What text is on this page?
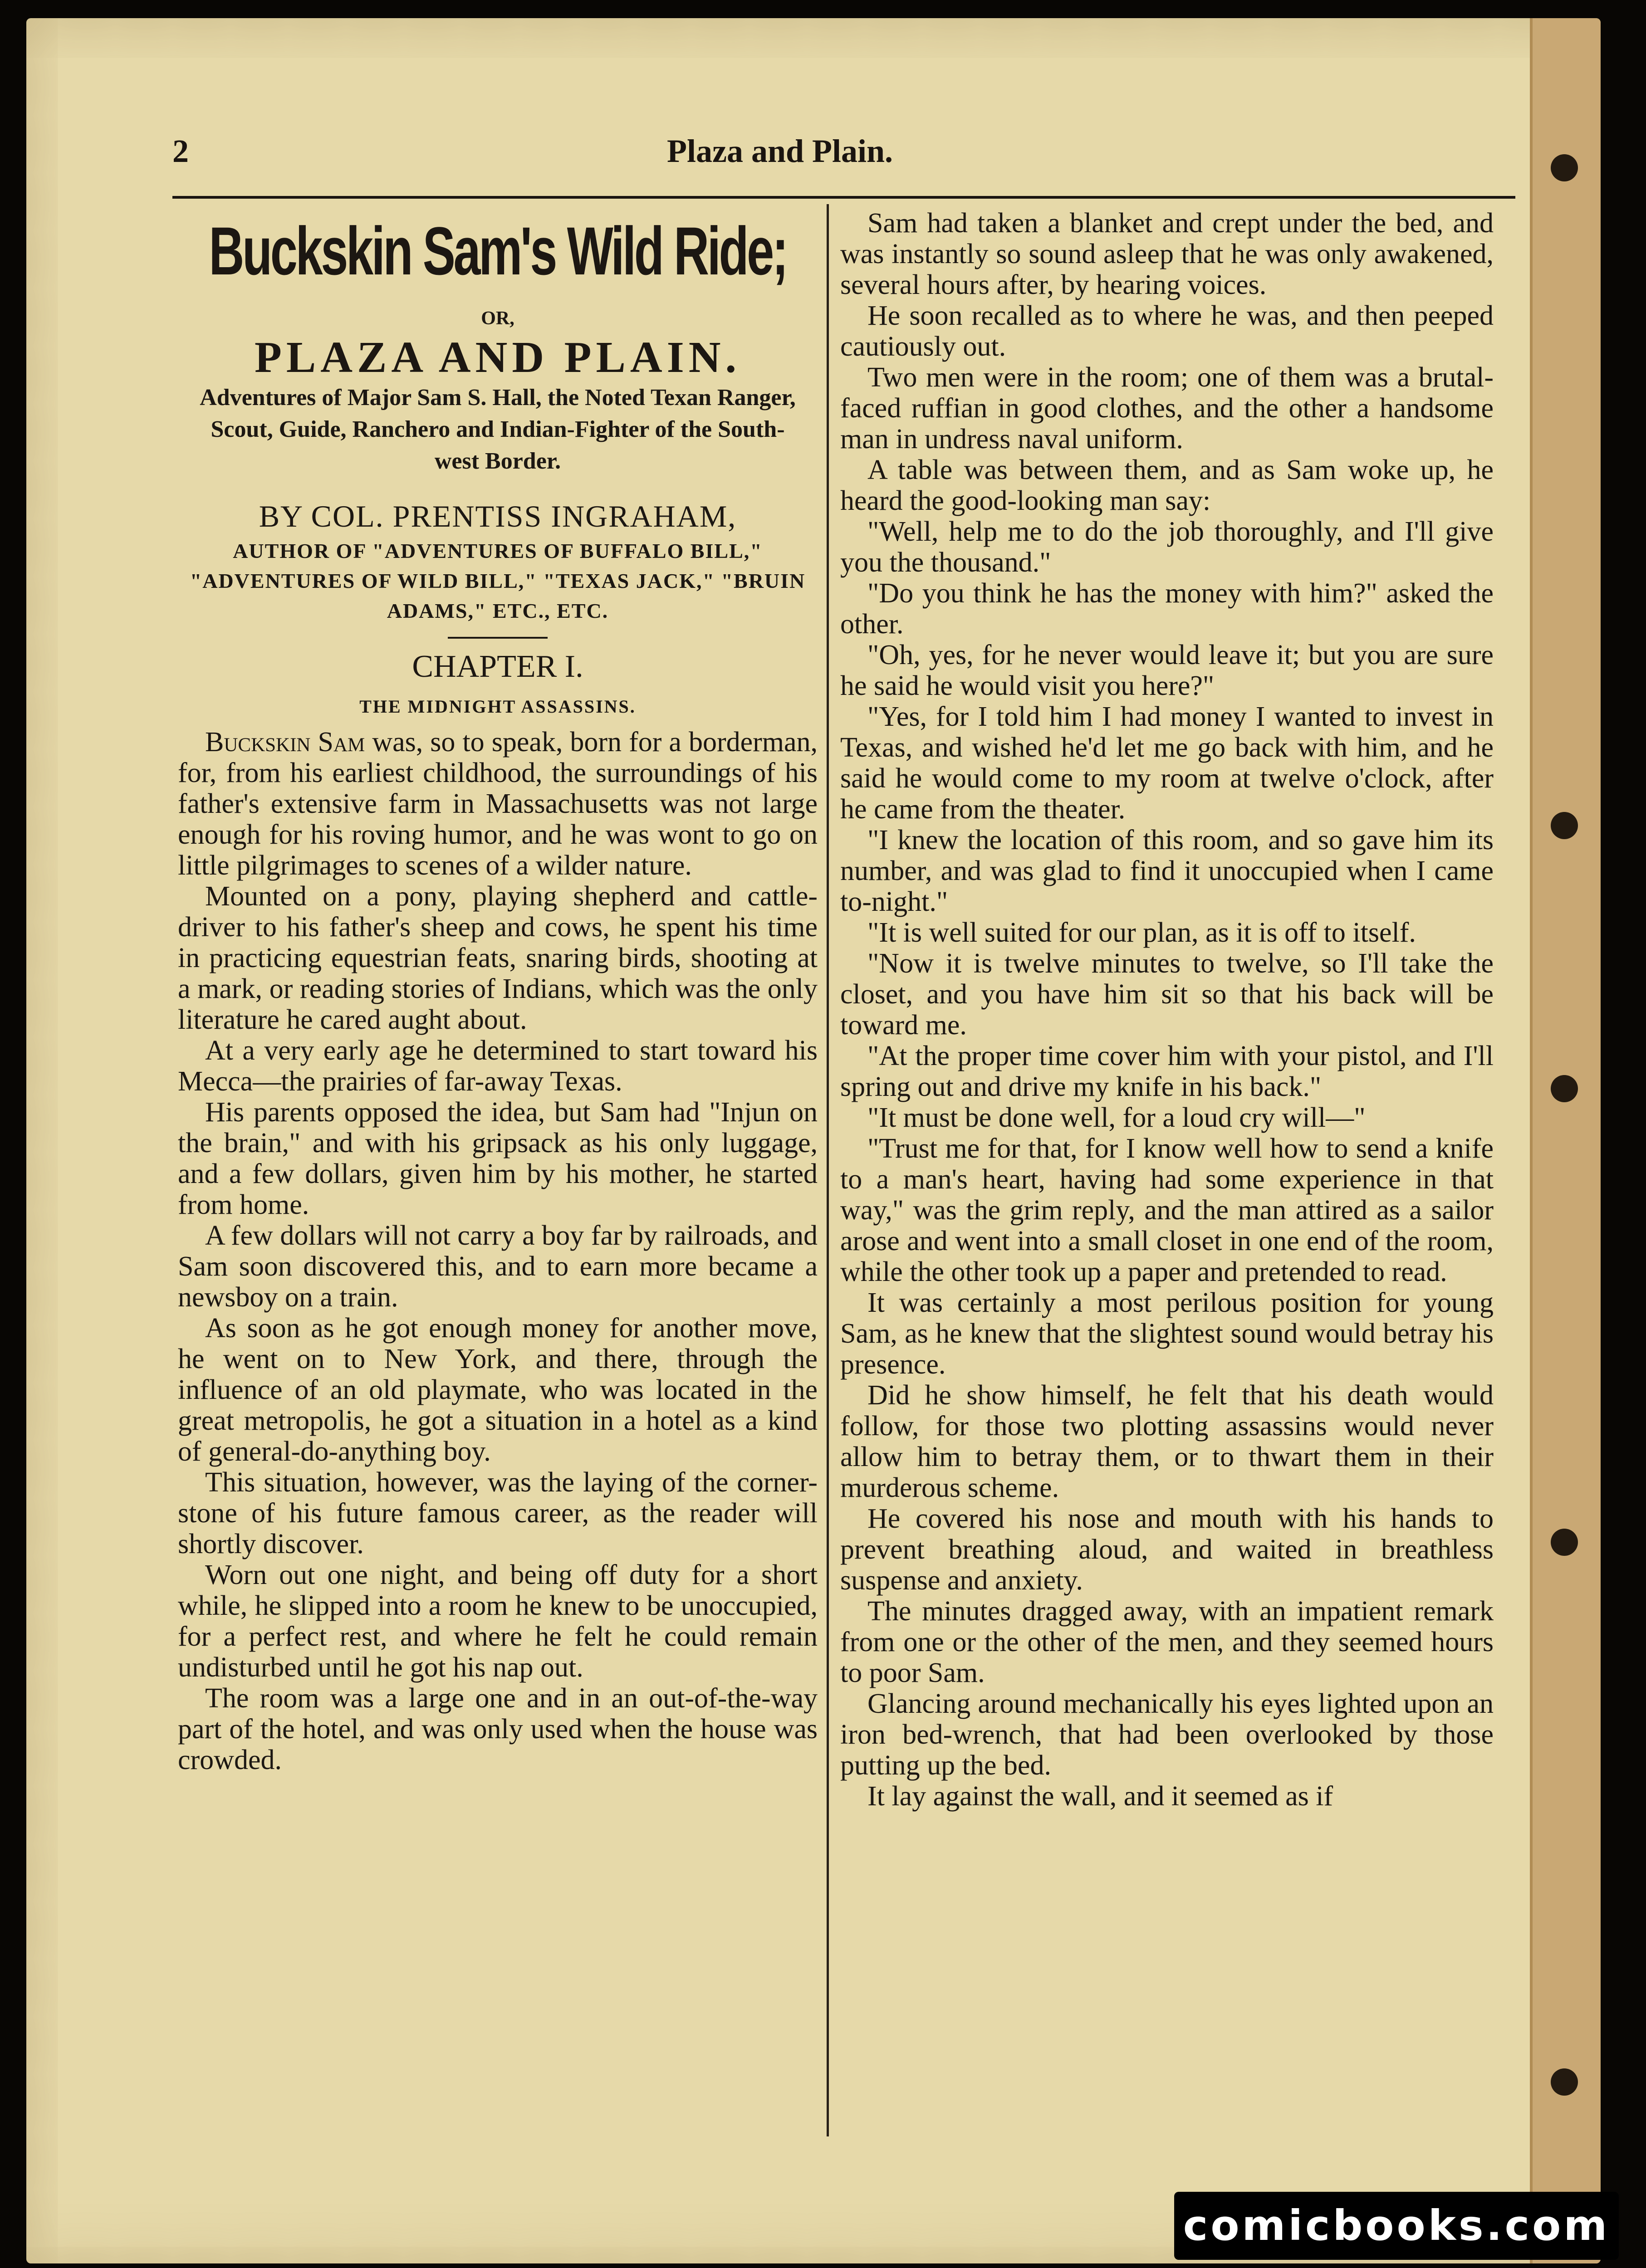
2	Plaza and Plain.
Buckskin Sam's Wild Ride;
OR,
PLAZA AND PLAIN.
Adventures of Major Sam S. Hall, the Noted Texan Ranger, Scout, Guide, Ranchero and Indian-Fighter of the South-west Border.
BY COL. PRENTISS INGRAHAM,
AUTHOR OF "ADVENTURES OF BUFFALO BILL," "ADVENTURES OF WILD BILL," "TEXAS JACK," "BRUIN ADAMS," ETC., ETC.
CHAPTER I.
THE MIDNIGHT ASSASSINS.

Buckskin Sam was, so to speak, born for a borderman, for, from his earliest childhood, the surroundings of his father's extensive farm in Massachusetts was not large enough for his roving humor, and he was wont to go on little pilgrimages to scenes of a wilder nature.

Mounted on a pony, playing shepherd and cattle-driver to his father's sheep and cows, he spent his time in practicing equestrian feats, snaring birds, shooting at a mark, or reading stories of Indians, which was the only literature he cared aught about.

At a very early age he determined to start toward his Mecca—the prairies of far-away Texas.

His parents opposed the idea, but Sam had "Injun on the brain," and with his gripsack as his only luggage, and a few dollars, given him by his mother, he started from home.

A few dollars will not carry a boy far by railroads, and Sam soon discovered this, and to earn more became a newsboy on a train.

As soon as he got enough money for another move, he went on to New York, and there, through the influence of an old playmate, who was located in the great metropolis, he got a situation in a hotel as a kind of general-do-anything boy.

This situation, however, was the laying of the corner-stone of his future famous career, as the reader will shortly discover.

Worn out one night, and being off duty for a short while, he slipped into a room he knew to be unoccupied, for a perfect rest, and where he felt he could remain undisturbed until he got his nap out.

The room was a large one and in an out-of-the-way part of the hotel, and was only used when the house was crowded.

Sam had taken a blanket and crept under the bed, and was instantly so sound asleep that he was only awakened, several hours after, by hearing voices.

He soon recalled as to where he was, and then peeped cautiously out.

Two men were in the room; one of them was a brutal-faced ruffian in good clothes, and the other a handsome man in undress naval uniform.

A table was between them, and as Sam woke up, he heard the good-looking man say:

"Well, help me to do the job thoroughly, and I'll give you the thousand."

"Do you think he has the money with him?" asked the other.

"Oh, yes, for he never would leave it; but you are sure he said he would visit you here?"

"Yes, for I told him I had money I wanted to invest in Texas, and wished he'd let me go back with him, and he said he would come to my room at twelve o'clock, after he came from the theater.

"I knew the location of this room, and so gave him its number, and was glad to find it unoccupied when I came to-night."

"It is well suited for our plan, as it is off to itself.

"Now it is twelve minutes to twelve, so I'll take the closet, and you have him sit so that his back will be toward me.

"At the proper time cover him with your pistol, and I'll spring out and drive my knife in his back."

"It must be done well, for a loud cry will—"

"Trust me for that, for I know well how to send a knife to a man's heart, having had some experience in that way," was the grim reply, and the man attired as a sailor arose and went into a small closet in one end of the room, while the other took up a paper and pretended to read.

It was certainly a most perilous position for young Sam, as he knew that the slightest sound would betray his presence.

Did he show himself, he felt that his death would follow, for those two plotting assassins would never allow him to betray them, or to thwart them in their murderous scheme.

He covered his nose and mouth with his hands to prevent breathing aloud, and waited in breathless suspense and anxiety.

The minutes dragged away, with an impatient remark from one or the other of the men, and they seemed hours to poor Sam.

Glancing around mechanically his eyes lighted upon an iron bed-wrench, that had been overlooked by those putting up the bed.

It lay against the wall, and it seemed as if

comicbooks.com
